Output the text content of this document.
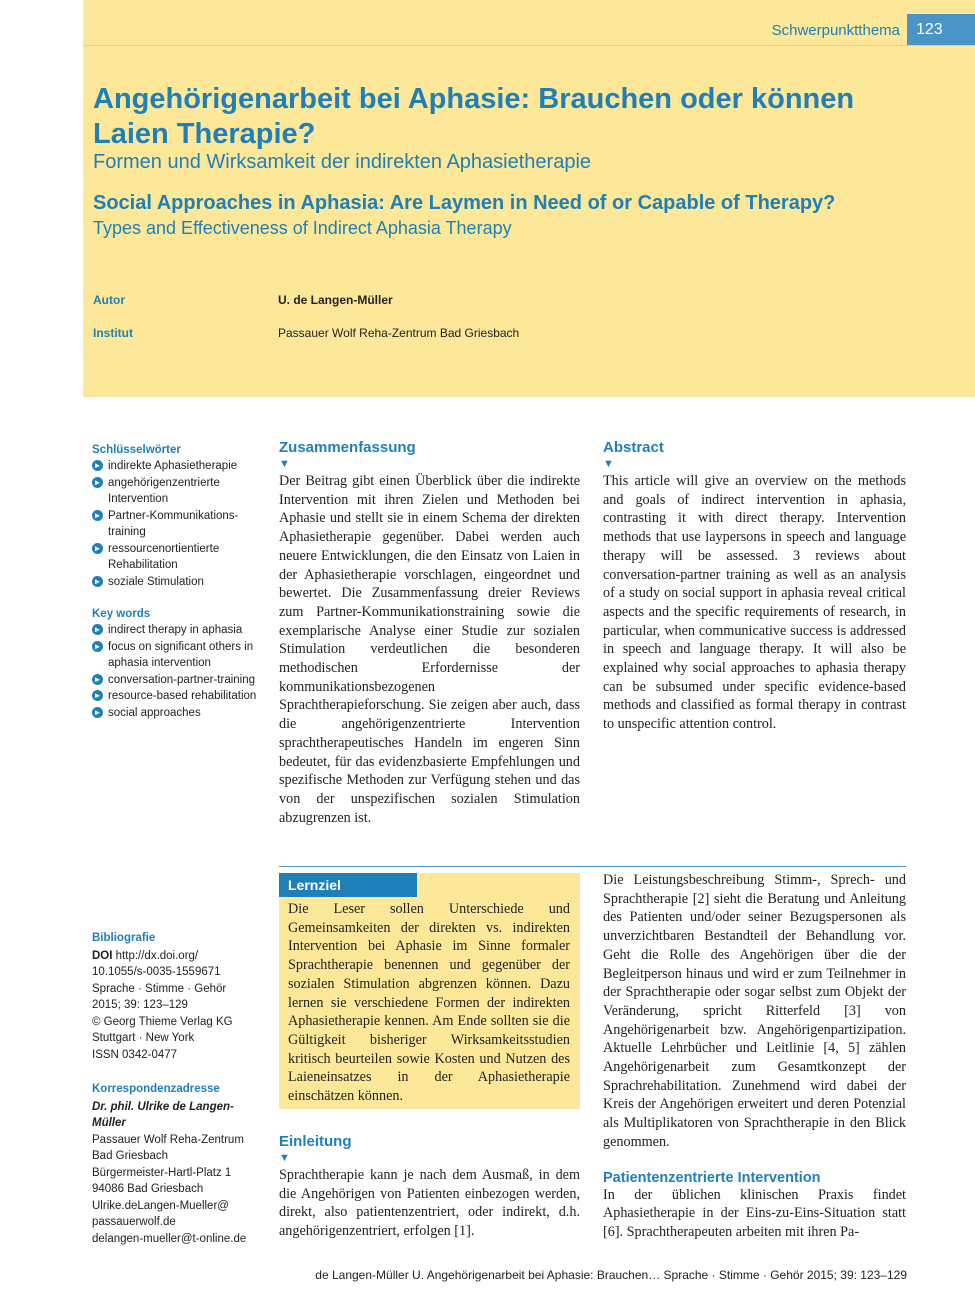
Schwerpunktthema	123
Angehörigenarbeit bei Aphasie: Brauchen oder können Laien Therapie?
Formen und Wirksamkeit der indirekten Aphasietherapie
Social Approaches in Aphasia: Are Laymen in Need of or Capable of Therapy?
Types and Effectiveness of Indirect Aphasia Therapy
Autor	U. de Langen-Müller
Institut	Passauer Wolf Reha-Zentrum Bad Griesbach
Schlüsselwörter
► indirekte Aphasietherapie
► angehörigenzentrierte Intervention
► Partner-Kommunikations-training
► ressourcenortientierte Rehabilitation
► soziale Stimulation
Key words
► indirect therapy in aphasia
► focus on significant others in aphasia intervention
► conversation-partner-training
► resource-based rehabilitation
► social approaches
Zusammenfassung
▼

Der Beitrag gibt einen Überblick über die indirekte Intervention mit ihren Zielen und Methoden bei Aphasie und stellt sie in einem Schema der direkten Aphasietherapie gegenüber. Dabei werden auch neuere Entwicklungen, die den Einsatz von Laien in der Aphasietherapie vorschlagen, eingeordnet und bewertet. Die Zusammenfassung dreier Reviews zum Partner-Kommunikationstraining sowie die exemplarische Analyse einer Studie zur sozialen Stimulation verdeutlichen die besonderen methodischen Erfordernisse der kommunikationsbezogenen Sprachtherapieforschung. Sie zeigen aber auch, dass die angehörigenzentrierte Intervention sprachtherapeutisches Handeln im engeren Sinn bedeutet, für das evidenzbasierte Empfehlungen und spezifische Methoden zur Verfügung stehen und das von der unspezifischen sozialen Stimulation abzugrenzen ist.

Abstract
▼

This article will give an overview on the methods and goals of indirect intervention in aphasia, contrasting it with direct therapy. Intervention methods that use laypersons in speech and language therapy will be assessed. 3 reviews about conversation-partner training as well as an analysis of a study on social support in aphasia reveal critical aspects and the specific requirements of research, in particular, when communicative success is addressed in speech and language therapy. It will also be explained why social approaches to aphasia therapy can be subsumed under specific evidence-based methods and classified as formal therapy in contrast to unspecific attention control.

Lernziel

Die Leser sollen Unterschiede und Gemeinsamkeiten der direkten vs. indirekten Intervention bei Aphasie im Sinne formaler Sprachtherapie benennen und gegenüber der sozialen Stimulation abgrenzen können. Dazu lernen sie verschiedene Formen der indirekten Aphasietherapie kennen. Am Ende sollten sie die Gültigkeit bisheriger Wirksamkeitsstudien kritisch beurteilen sowie Kosten und Nutzen des Laieneinsatzes in der Aphasietherapie einschätzen können.

Einleitung
▼

Sprachtherapie kann je nach dem Ausmaß, in dem die Angehörigen von Patienten einbezogen werden, direkt, also patientenzentriert, oder indirekt, d.h. angehörigenzentriert, erfolgen [1].

Die Leistungsbeschreibung Stimm-, Sprech- und Sprachtherapie [2] sieht die Beratung und Anleitung des Patienten und/oder seiner Bezugspersonen als unverzichtbaren Bestandteil der Behandlung vor. Geht die Rolle des Angehörigen über die der Begleitperson hinaus und wird er zum Teilnehmer in der Sprachtherapie oder sogar selbst zum Objekt der Veränderung, spricht Ritterfeld [3] von Angehörigenarbeit bzw. Angehörigenpartizipation. Aktuelle Lehrbücher und Leitlinie [4, 5] zählen Angehörigenarbeit zum Gesamtkonzept der Sprachrehabilitation. Zunehmend wird dabei der Kreis der Angehörigen erweitert und deren Potenzial als Multiplikatoren von Sprachtherapie in den Blick genommen.

Patientenzentrierte Intervention

In der üblichen klinischen Praxis findet Aphasietherapie in der Eins-zu-Eins-Situation statt [6]. Sprachtherapeuten arbeiten mit ihren Pa-

Bibliografie
DOI http://dx.doi.org/
10.1055/s-0035-1559671
Sprache · Stimme · Gehör
2015; 39: 123–129
© Georg Thieme Verlag KG
Stuttgart · New York
ISSN 0342-0477
Korrespondenzadresse
Dr. phil. Ulrike de Langen-Müller
Passauer Wolf Reha-Zentrum
Bad Griesbach
Bürgermeister-Hartl-Platz 1
94086 Bad Griesbach
Ulrike.deLangen-Mueller@
passauerwolf.de
delangen-mueller@t-online.de
de Langen-Müller U. Angehörigenarbeit bei Aphasie: Brauchen… Sprache · Stimme · Gehör 2015; 39: 123–129
